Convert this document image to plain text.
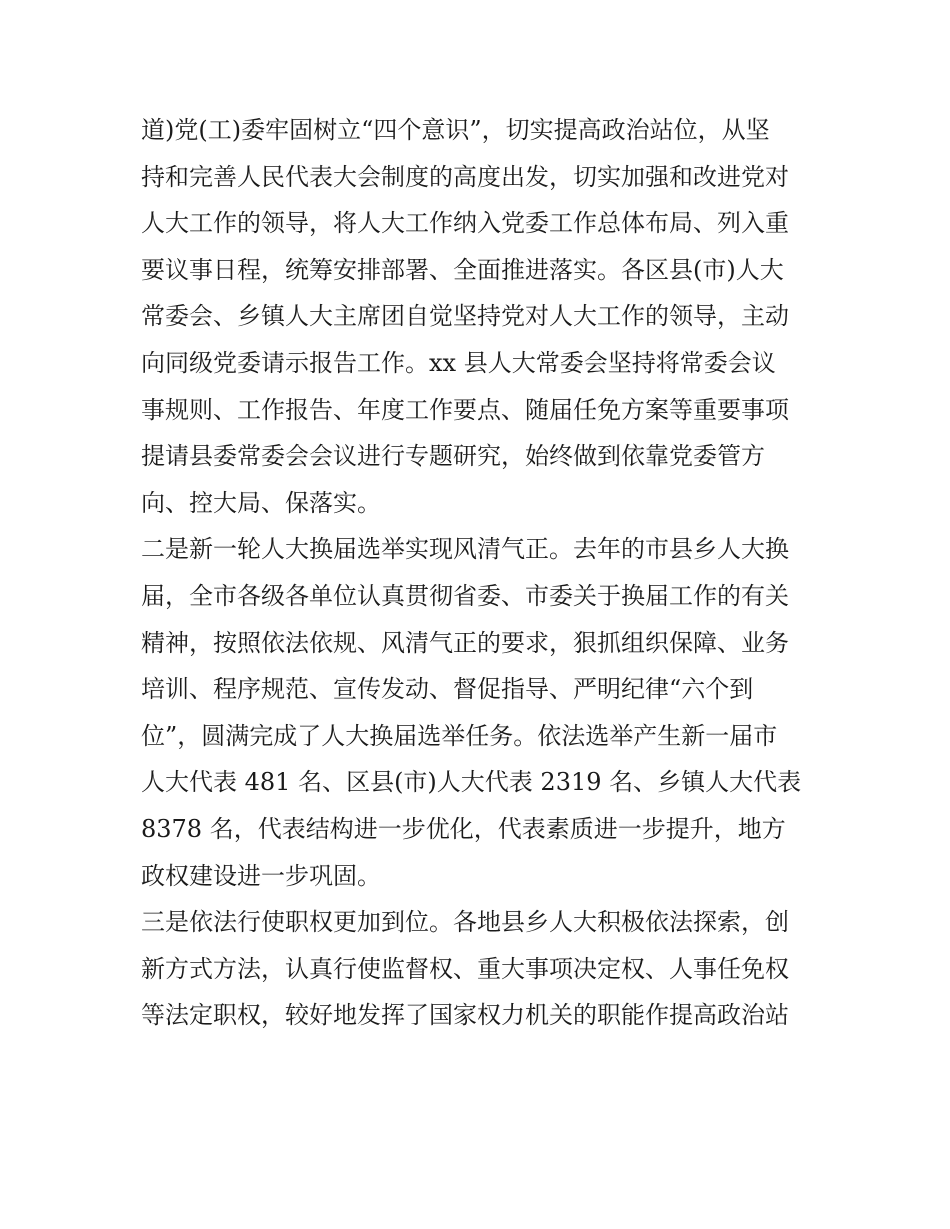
道)党(工)委牢固树立“四个意识”，切实提高政治站位，从坚
持和完善人民代表大会制度的高度出发，切实加强和改进党对
人大工作的领导，将人大工作纳入党委工作总体布局、列入重
要议事日程，统筹安排部署、全面推进落实。各区县(市)人大
常委会、乡镇人大主席团自觉坚持党对人大工作的领导，主动
向同级党委请示报告工作。xx 县人大常委会坚持将常委会议
事规则、工作报告、年度工作要点、随届任免方案等重要事项
提请县委常委会会议进行专题研究，始终做到依靠党委管方
向、控大局、保落实。
二是新一轮人大换届选举实现风清气正。去年的市县乡人大换
届，全市各级各单位认真贯彻省委、市委关于换届工作的有关
精神，按照依法依规、风清气正的要求，狠抓组织保障、业务
培训、程序规范、宣传发动、督促指导、严明纪律“六个到
位”，圆满完成了人大换届选举任务。依法选举产生新一届市
人大代表 481 名、区县(市)人大代表 2319 名、乡镇人大代表
8378 名，代表结构进一步优化，代表素质进一步提升，地方
政权建设进一步巩固。
三是依法行使职权更加到位。各地县乡人大积极依法探索，创
新方式方法，认真行使监督权、重大事项决定权、人事任免权
等法定职权，较好地发挥了国家权力机关的职能作提高政治站
